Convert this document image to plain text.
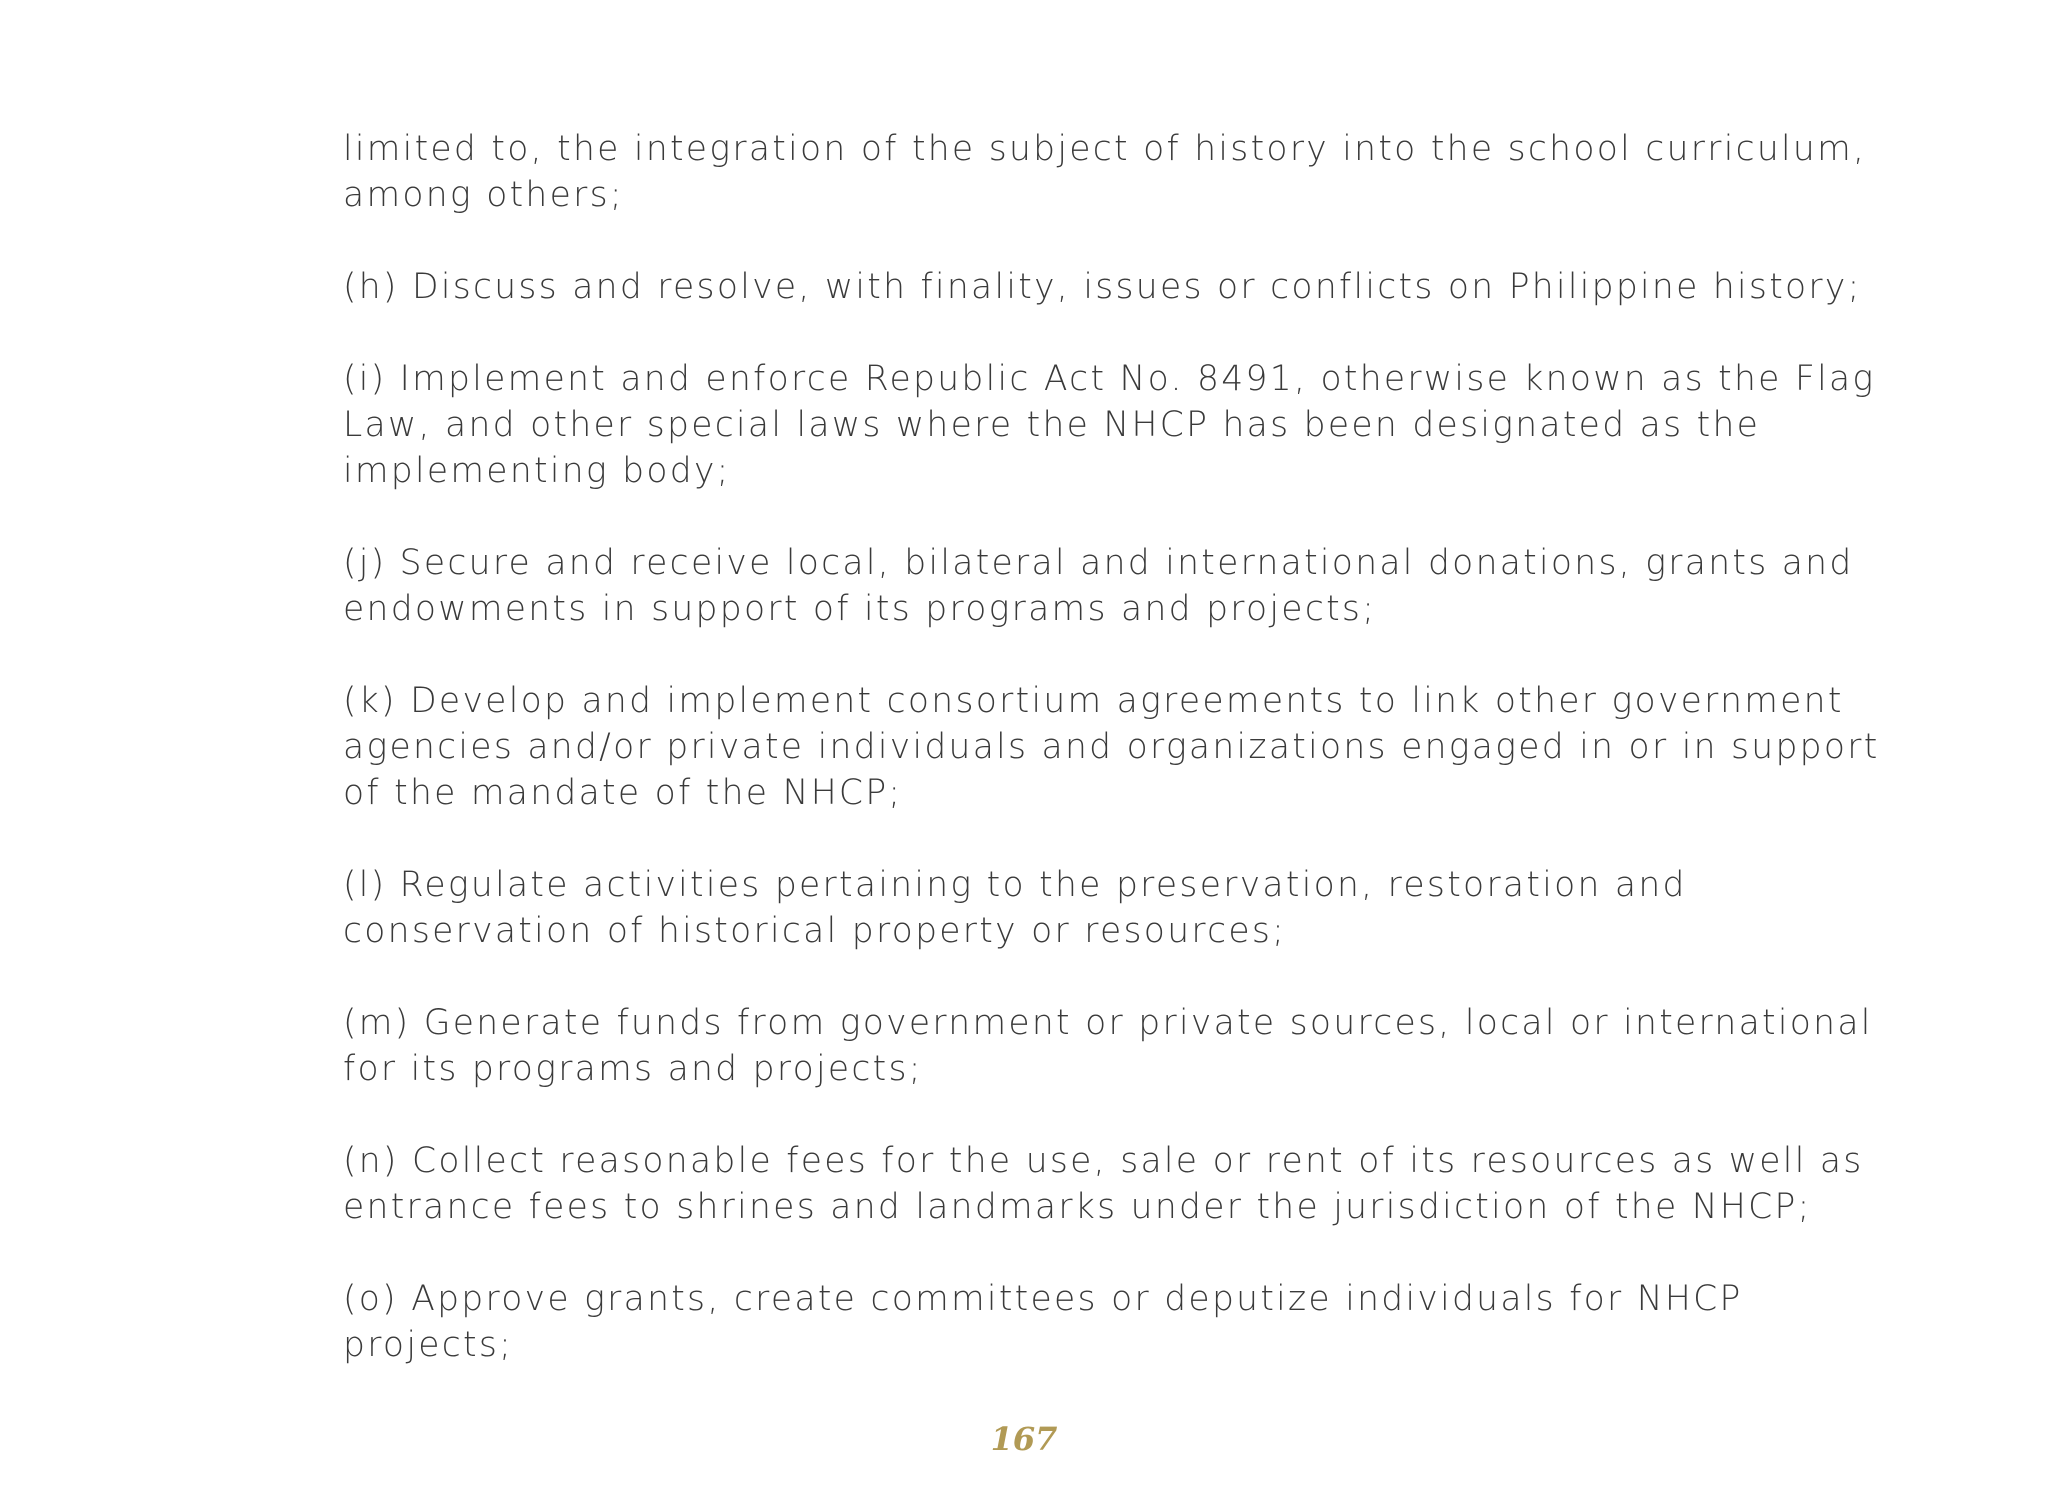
limited to, the integration of the subject of history into the school curriculum, among others;

(h) Discuss and resolve, with finality, issues or conflicts on Philippine history;

(i) Implement and enforce Republic Act No. 8491, otherwise known as the Flag Law, and other special laws where the NHCP has been designated as the implementing body;

(j) Secure and receive local, bilateral and international donations, grants and endowments in support of its programs and projects;

(k) Develop and implement consortium agreements to link other government agencies and/or private individuals and organizations engaged in or in support of the mandate of the NHCP;

(l) Regulate activities pertaining to the preservation, restoration and conservation of historical property or resources;

(m) Generate funds from government or private sources, local or international for its programs and projects;

(n) Collect reasonable fees for the use, sale or rent of its resources as well as entrance fees to shrines and landmarks under the jurisdiction of the NHCP;

(o) Approve grants, create committees or deputize individuals for NHCP projects;

167
